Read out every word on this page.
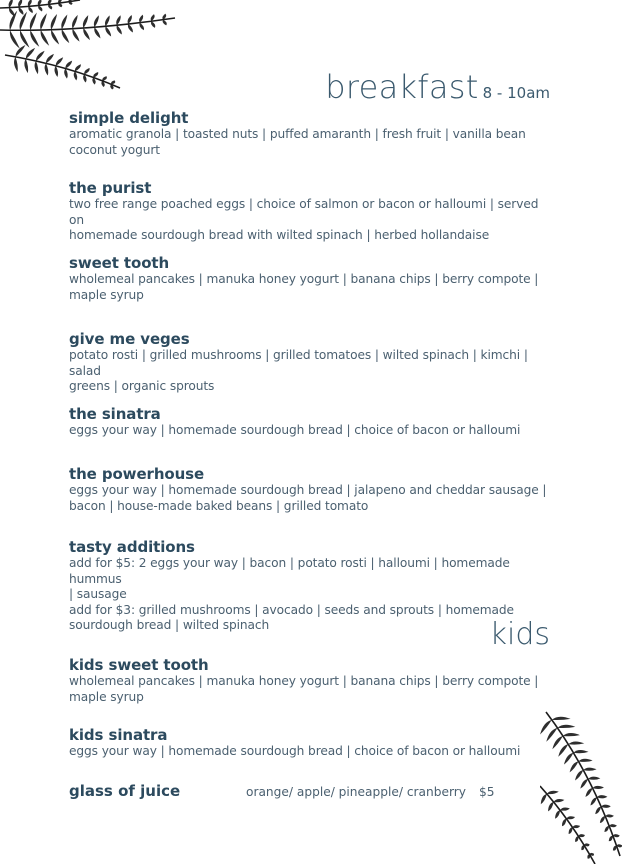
breakfast 8 - 10am
simple delight
aromatic granola | toasted nuts | puffed amaranth | fresh fruit | vanilla bean
coconut yogurt
the purist
two free range poached eggs | choice of salmon or bacon or halloumi | served on
homemade sourdough bread with wilted spinach | herbed hollandaise
sweet tooth
wholemeal pancakes | manuka honey yogurt | banana chips | berry compote |
maple syrup
give me veges
potato rosti | grilled mushrooms | grilled tomatoes | wilted spinach | kimchi | salad
greens | organic sprouts
the sinatra
eggs your way | homemade sourdough bread | choice of bacon or halloumi
the powerhouse
eggs your way | homemade sourdough bread | jalapeno and cheddar sausage |
bacon | house-made baked beans | grilled tomato
tasty additions
add for $5: 2 eggs your way | bacon | potato rosti | halloumi | homemade hummus
| sausage
add for $3: grilled mushrooms | avocado | seeds and sprouts | homemade
sourdough bread | wilted spinach	kids
kids sweet tooth
wholemeal pancakes | manuka honey yogurt | banana chips | berry compote |
maple syrup
kids sinatra
eggs your way | homemade sourdough bread | choice of bacon or halloumi
glass of juice	orange/ apple/ pineapple/ cranberry $5
